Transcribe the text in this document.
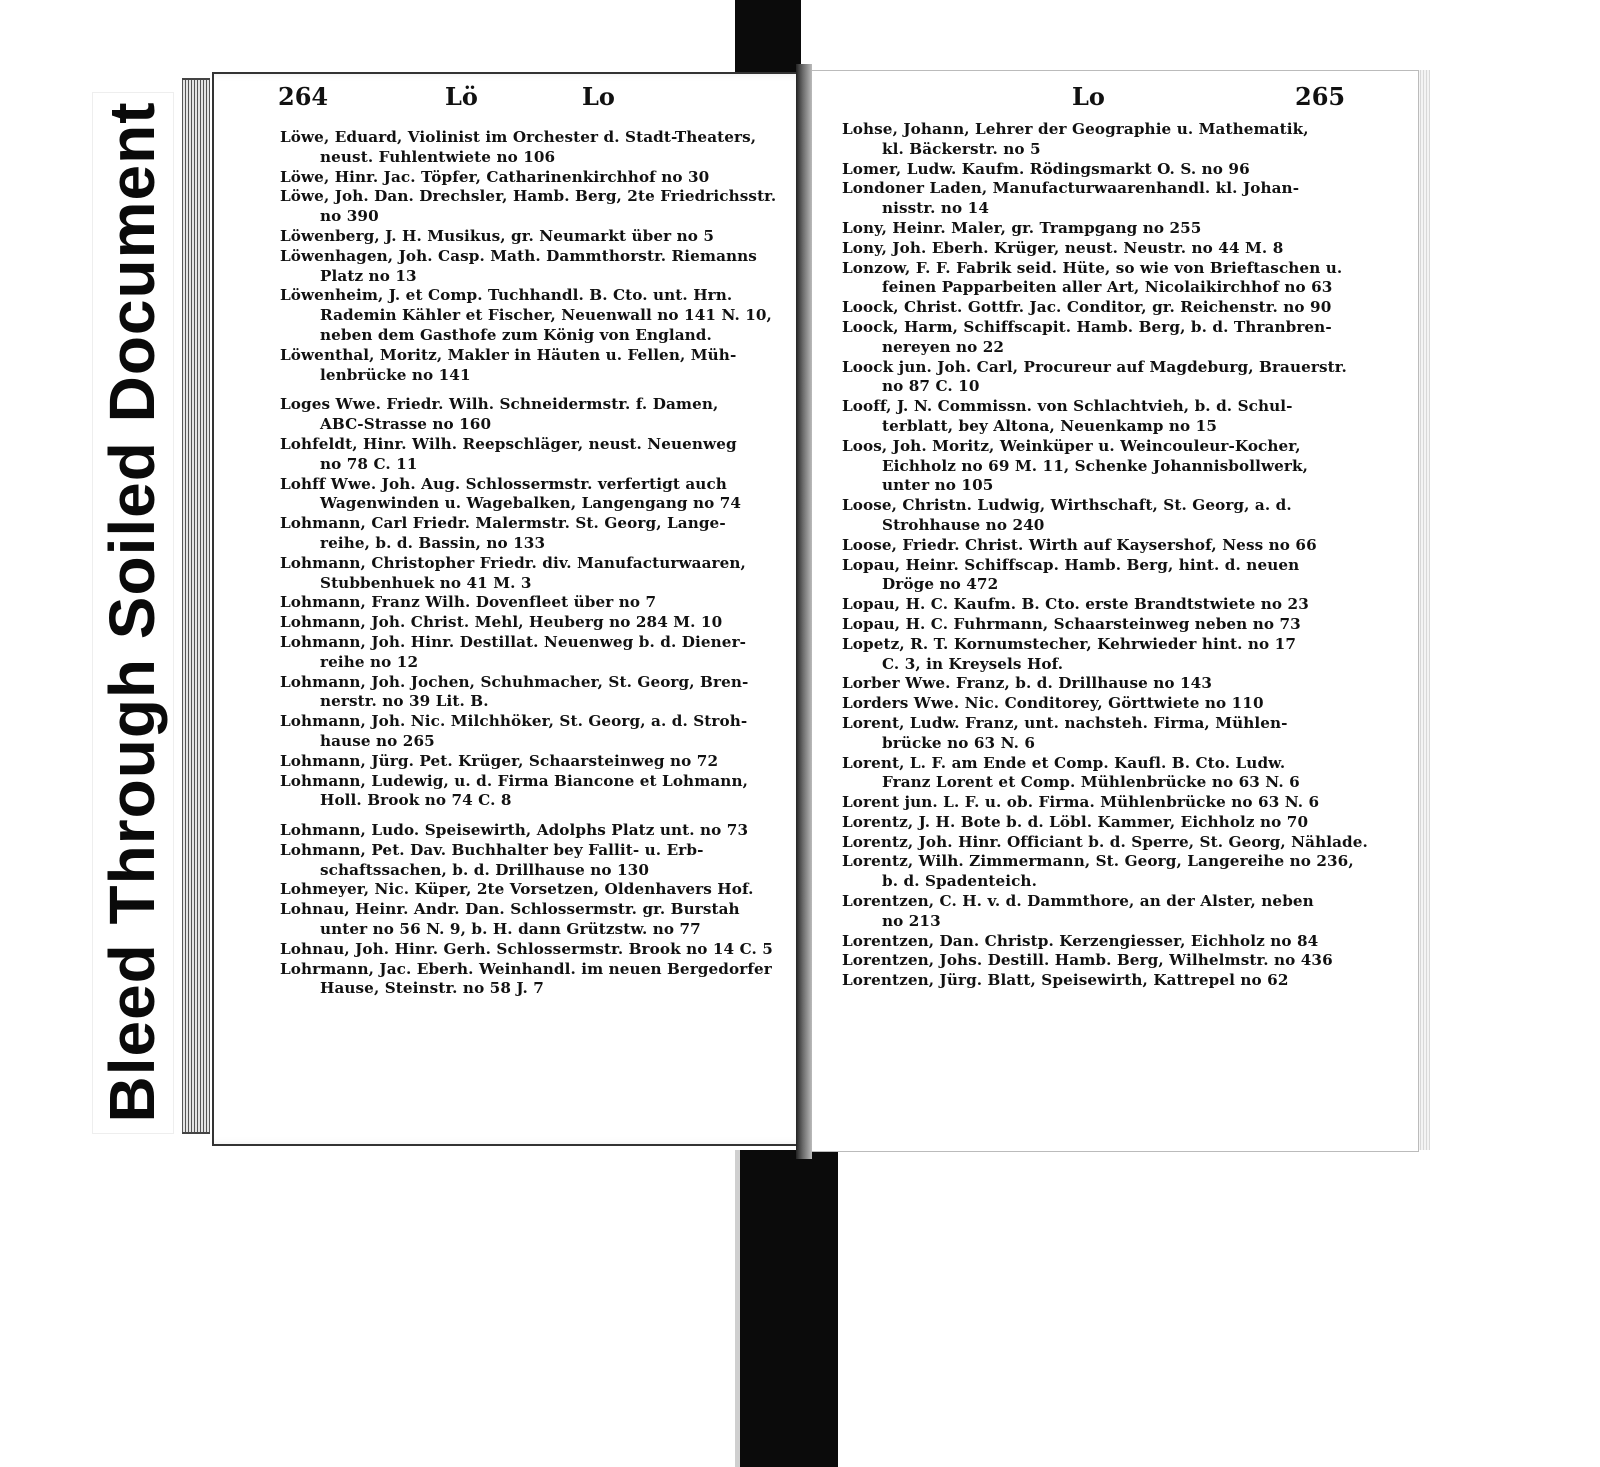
Bleed Through Soiled Document
264	Lö	Lo	Lo	265
Löwe, Eduard, Violinist im Orchester d. Stadt-Theaters,
neust. Fuhlentwiete no 106
Löwe, Hinr. Jac. Töpfer, Catharinenkirchhof no 30
Löwe, Joh. Dan. Drechsler, Hamb. Berg, 2te Friedrichsstr.
no 390
Löwenberg, J. H. Musikus, gr. Neumarkt über no 5
Löwenhagen, Joh. Casp. Math. Dammthorstr. Riemanns
Platz no 13
Löwenheim, J. et Comp. Tuchhandl. B. Cto. unt. Hrn.
Rademin Kähler et Fischer, Neuenwall no 141 N. 10,
neben dem Gasthofe zum König von England.
Löwenthal, Moritz, Makler in Häuten u. Fellen, Müh-
lenbrücke no 141
Loges Wwe. Friedr. Wilh. Schneidermstr. f. Damen,
ABC-Strasse no 160
Lohfeldt, Hinr. Wilh. Reepschläger, neust. Neuenweg
no 78 C. 11
Lohff Wwe. Joh. Aug. Schlossermstr. verfertigt auch
Wagenwinden u. Wagebalken, Langengang no 74
Lohmann, Carl Friedr. Malermstr. St. Georg, Lange-
reihe, b. d. Bassin, no 133
Lohmann, Christopher Friedr. div. Manufacturwaaren,
Stubbenhuek no 41 M. 3
Lohmann, Franz Wilh. Dovenfleet über no 7
Lohmann, Joh. Christ. Mehl, Heuberg no 284 M. 10
Lohmann, Joh. Hinr. Destillat. Neuenweg b. d. Diener-
reihe no 12
Lohmann, Joh. Jochen, Schuhmacher, St. Georg, Bren-
nerstr. no 39 Lit. B.
Lohmann, Joh. Nic. Milchhöker, St. Georg, a. d. Stroh-
hause no 265
Lohmann, Jürg. Pet. Krüger, Schaarsteinweg no 72
Lohmann, Ludewig, u. d. Firma Biancone et Lohmann,
Holl. Brook no 74 C. 8
Lohmann, Ludo. Speisewirth, Adolphs Platz unt. no 73
Lohmann, Pet. Dav. Buchhalter bey Fallit- u. Erb-
schaftssachen, b. d. Drillhause no 130
Lohmeyer, Nic. Küper, 2te Vorsetzen, Oldenhavers Hof.
Lohnau, Heinr. Andr. Dan. Schlossermstr. gr. Burstah
unter no 56 N. 9, b. H. dann Grützstw. no 77
Lohnau, Joh. Hinr. Gerh. Schlossermstr. Brook no 14 C. 5
Lohrmann, Jac. Eberh. Weinhandl. im neuen Bergedorfer
Hause, Steinstr. no 58 J. 7
Lohse, Johann, Lehrer der Geographie u. Mathematik,
kl. Bäckerstr. no 5
Lomer, Ludw. Kaufm. Rödingsmarkt O. S. no 96
Londoner Laden, Manufacturwaarenhandl. kl. Johan-
nisstr. no 14
Lony, Heinr. Maler, gr. Trampgang no 255
Lony, Joh. Eberh. Krüger, neust. Neustr. no 44 M. 8
Lonzow, F. F. Fabrik seid. Hüte, so wie von Brieftaschen u.
feinen Papparbeiten aller Art, Nicolaikirchhof no 63
Loock, Christ. Gottfr. Jac. Conditor, gr. Reichenstr. no 90
Loock, Harm, Schiffscapit. Hamb. Berg, b. d. Thranbren-
nereyen no 22
Loock jun. Joh. Carl, Procureur auf Magdeburg, Brauerstr.
no 87 C. 10
Looff, J. N. Commissn. von Schlachtvieh, b. d. Schul-
terblatt, bey Altona, Neuenkamp no 15
Loos, Joh. Moritz, Weinküper u. Weincouleur-Kocher,
Eichholz no 69 M. 11, Schenke Johannisbollwerk,
unter no 105
Loose, Christn. Ludwig, Wirthschaft, St. Georg, a. d.
Strohhause no 240
Loose, Friedr. Christ. Wirth auf Kaysershof, Ness no 66
Lopau, Heinr. Schiffscap. Hamb. Berg, hint. d. neuen
Dröge no 472
Lopau, H. C. Kaufm. B. Cto. erste Brandtstwiete no 23
Lopau, H. C. Fuhrmann, Schaarsteinweg neben no 73
Lopetz, R. T. Kornumstecher, Kehrwieder hint. no 17
C. 3, in Kreysels Hof.
Lorber Wwe. Franz, b. d. Drillhause no 143
Lorders Wwe. Nic. Conditorey, Görttwiete no 110
Lorent, Ludw. Franz, unt. nachsteh. Firma, Mühlen-
brücke no 63 N. 6
Lorent, L. F. am Ende et Comp. Kaufl. B. Cto. Ludw.
Franz Lorent et Comp. Mühlenbrücke no 63 N. 6
Lorent jun. L. F. u. ob. Firma. Mühlenbrücke no 63 N. 6
Lorentz, J. H. Bote b. d. Löbl. Kammer, Eichholz no 70
Lorentz, Joh. Hinr. Officiant b. d. Sperre, St. Georg, Nählade.
Lorentz, Wilh. Zimmermann, St. Georg, Langereihe no 236,
b. d. Spadenteich.
Lorentzen, C. H. v. d. Dammthore, an der Alster, neben
no 213
Lorentzen, Dan. Christp. Kerzengiesser, Eichholz no 84
Lorentzen, Johs. Destill. Hamb. Berg, Wilhelmstr. no 436
Lorentzen, Jürg. Blatt, Speisewirth, Kattrepel no 62
